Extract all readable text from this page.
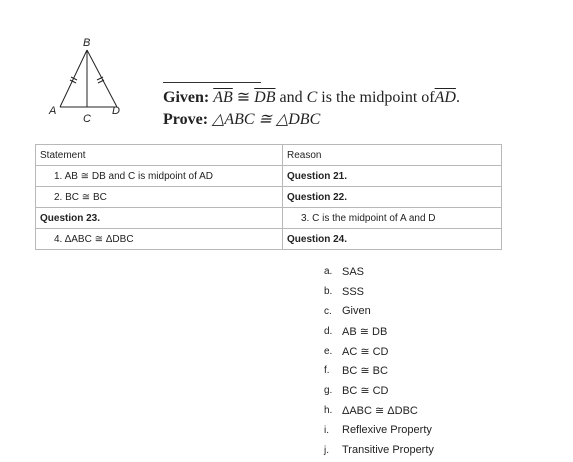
B
A
C
D
Given: $\overline{AB}$ ≅ $\overline{DB}$ and C is the midpoint $of\overline{AD}$.
Prove: △ABC ≅ △DBC
Statement	Reason
1. AB ≅ DB and C is midpoint of AD	Question 21.
2. BC ≅ BC	Question 22.
Question 23.	3. C is the midpoint of A and D
4. ΔABC ≅ ΔDBC	Question 24.
a. SAS
b. SSS
c. Given
d. AB ≅ DB
e. AC ≅ CD
f.	BC ≅ BC
g. BC ≅ CD
h. ΔABC ≅ ΔDBC
i.	Reflexive Property
j.	Transitive Property
